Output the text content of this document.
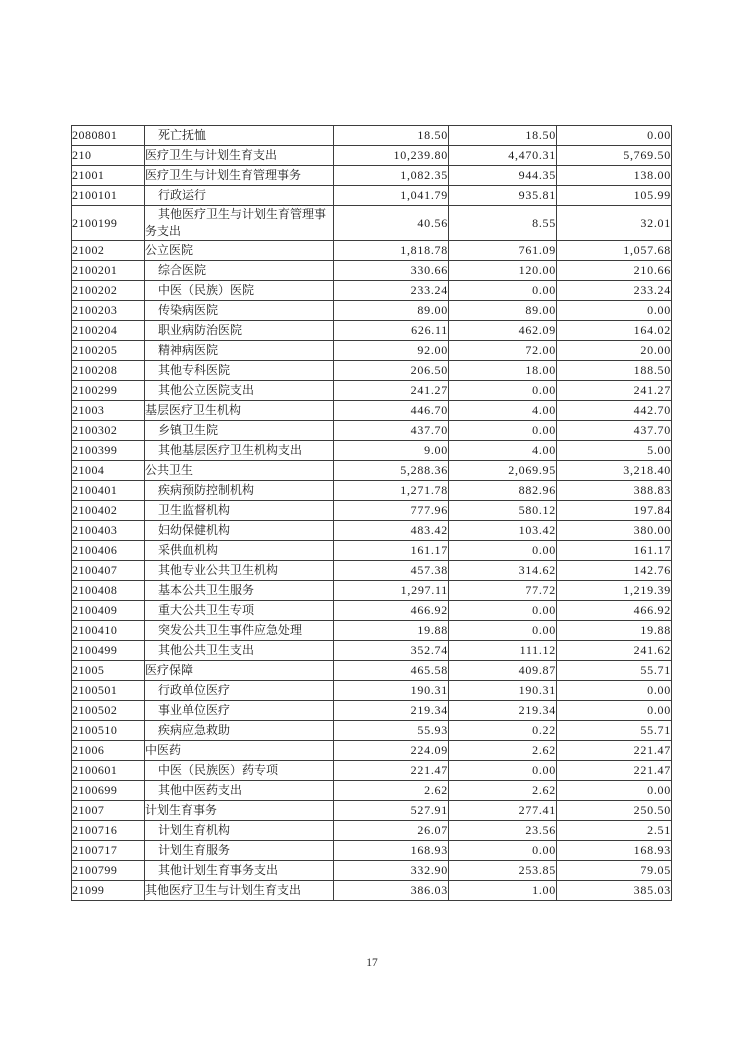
2080801	死亡抚恤	18.50	18.50	0.00
210	医疗卫生与计划生育支出	10,239.80	4,470.31	5,769.50
21001	医疗卫生与计划生育管理事务	1,082.35	944.35	138.00
2100101	行政运行	1,041.79	935.81	105.99
2100199	其他医疗卫生与计划生育管理事务支出	40.56	8.55	32.01
21002	公立医院	1,818.78	761.09	1,057.68
2100201	综合医院	330.66	120.00	210.66
2100202	中医（民族）医院	233.24	0.00	233.24
2100203	传染病医院	89.00	89.00	0.00
2100204	职业病防治医院	626.11	462.09	164.02
2100205	精神病医院	92.00	72.00	20.00
2100208	其他专科医院	206.50	18.00	188.50
2100299	其他公立医院支出	241.27	0.00	241.27
21003	基层医疗卫生机构	446.70	4.00	442.70
2100302	乡镇卫生院	437.70	0.00	437.70
2100399	其他基层医疗卫生机构支出	9.00	4.00	5.00
21004	公共卫生	5,288.36	2,069.95	3,218.40
2100401	疾病预防控制机构	1,271.78	882.96	388.83
2100402	卫生监督机构	777.96	580.12	197.84
2100403	妇幼保健机构	483.42	103.42	380.00
2100406	采供血机构	161.17	0.00	161.17
2100407	其他专业公共卫生机构	457.38	314.62	142.76
2100408	基本公共卫生服务	1,297.11	77.72	1,219.39
2100409	重大公共卫生专项	466.92	0.00	466.92
2100410	突发公共卫生事件应急处理	19.88	0.00	19.88
2100499	其他公共卫生支出	352.74	111.12	241.62
21005	医疗保障	465.58	409.87	55.71
2100501	行政单位医疗	190.31	190.31	0.00
2100502	事业单位医疗	219.34	219.34	0.00
2100510	疾病应急救助	55.93	0.22	55.71
21006	中医药	224.09	2.62	221.47
2100601	中医（民族医）药专项	221.47	0.00	221.47
2100699	其他中医药支出	2.62	2.62	0.00
21007	计划生育事务	527.91	277.41	250.50
2100716	计划生育机构	26.07	23.56	2.51
2100717	计划生育服务	168.93	0.00	168.93
2100799	其他计划生育事务支出	332.90	253.85	79.05
21099	其他医疗卫生与计划生育支出	386.03	1.00	385.03
17
